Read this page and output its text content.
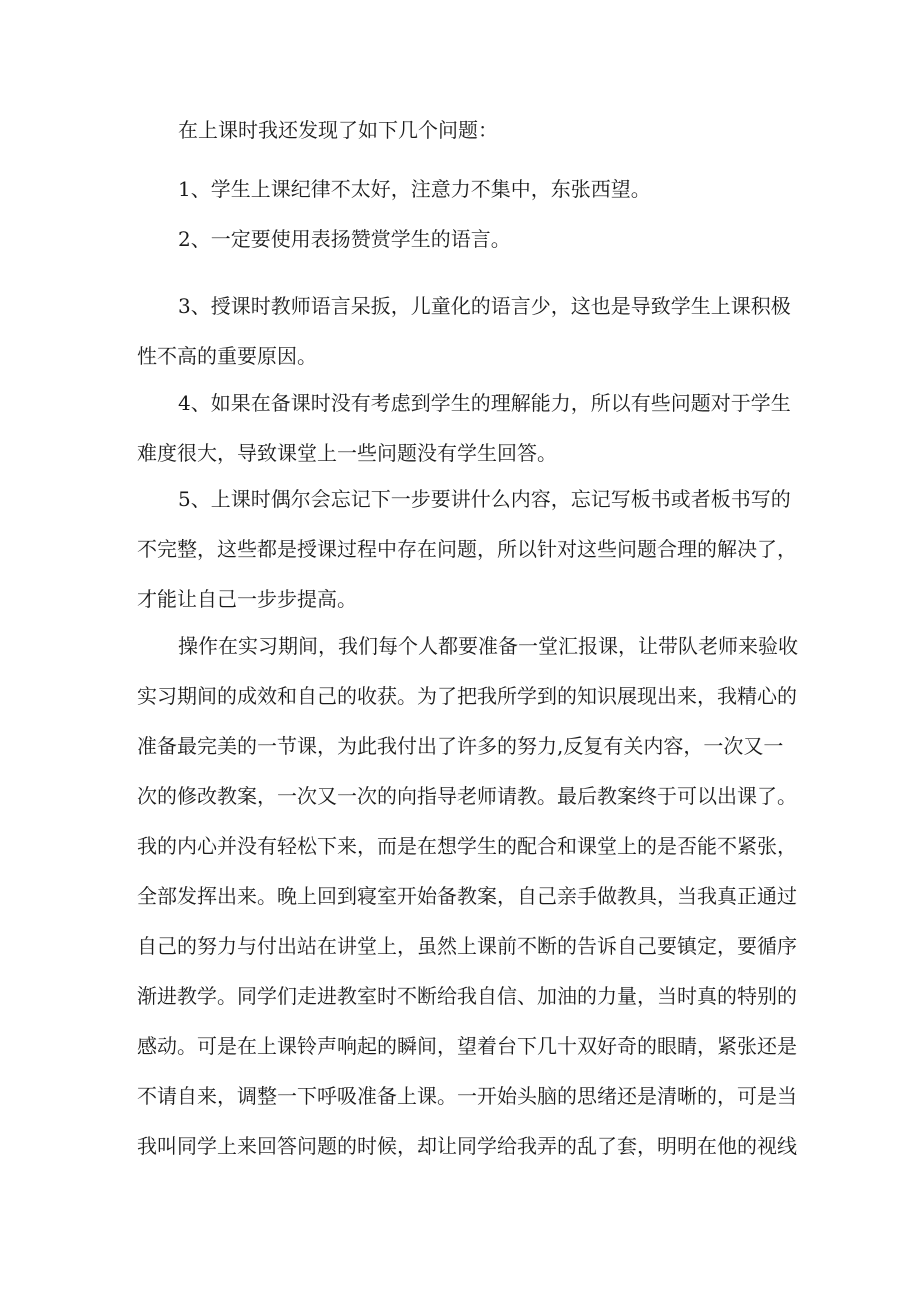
在上课时我还发现了如下几个问题：

1、学生上课纪律不太好，注意力不集中，东张西望。

2、一定要使用表扬赞赏学生的语言。

3、授课时教师语言呆扳，儿童化的语言少，这也是导致学生上课积极
性不高的重要原因。

4、如果在备课时没有考虑到学生的理解能力，所以有些问题对于学生
难度很大，导致课堂上一些问题没有学生回答。

5、上课时偶尔会忘记下一步要讲什么内容，忘记写板书或者板书写的
不完整，这些都是授课过程中存在问题，所以针对这些问题合理的解决了，
才能让自己一步步提高。

操作在实习期间，我们每个人都要准备一堂汇报课，让带队老师来验收
实习期间的成效和自己的收获。为了把我所学到的知识展现出来，我精心的
准备最完美的一节课，为此我付出了许多的努力,反复有关内容，一次又一
次的修改教案，一次又一次的向指导老师请教。最后教案终于可以出课了。
我的内心并没有轻松下来，而是在想学生的配合和课堂上的是否能不紧张，
全部发挥出来。晚上回到寝室开始备教案，自己亲手做教具，当我真正通过
自己的努力与付出站在讲堂上，虽然上课前不断的告诉自己要镇定，要循序
渐进教学。同学们走进教室时不断给我自信、加油的力量，当时真的特别的
感动。可是在上课铃声响起的瞬间，望着台下几十双好奇的眼睛，紧张还是
不请自来，调整一下呼吸准备上课。一开始头脑的思绪还是清晰的，可是当
我叫同学上来回答问题的时候，却让同学给我弄的乱了套，明明在他的视线
